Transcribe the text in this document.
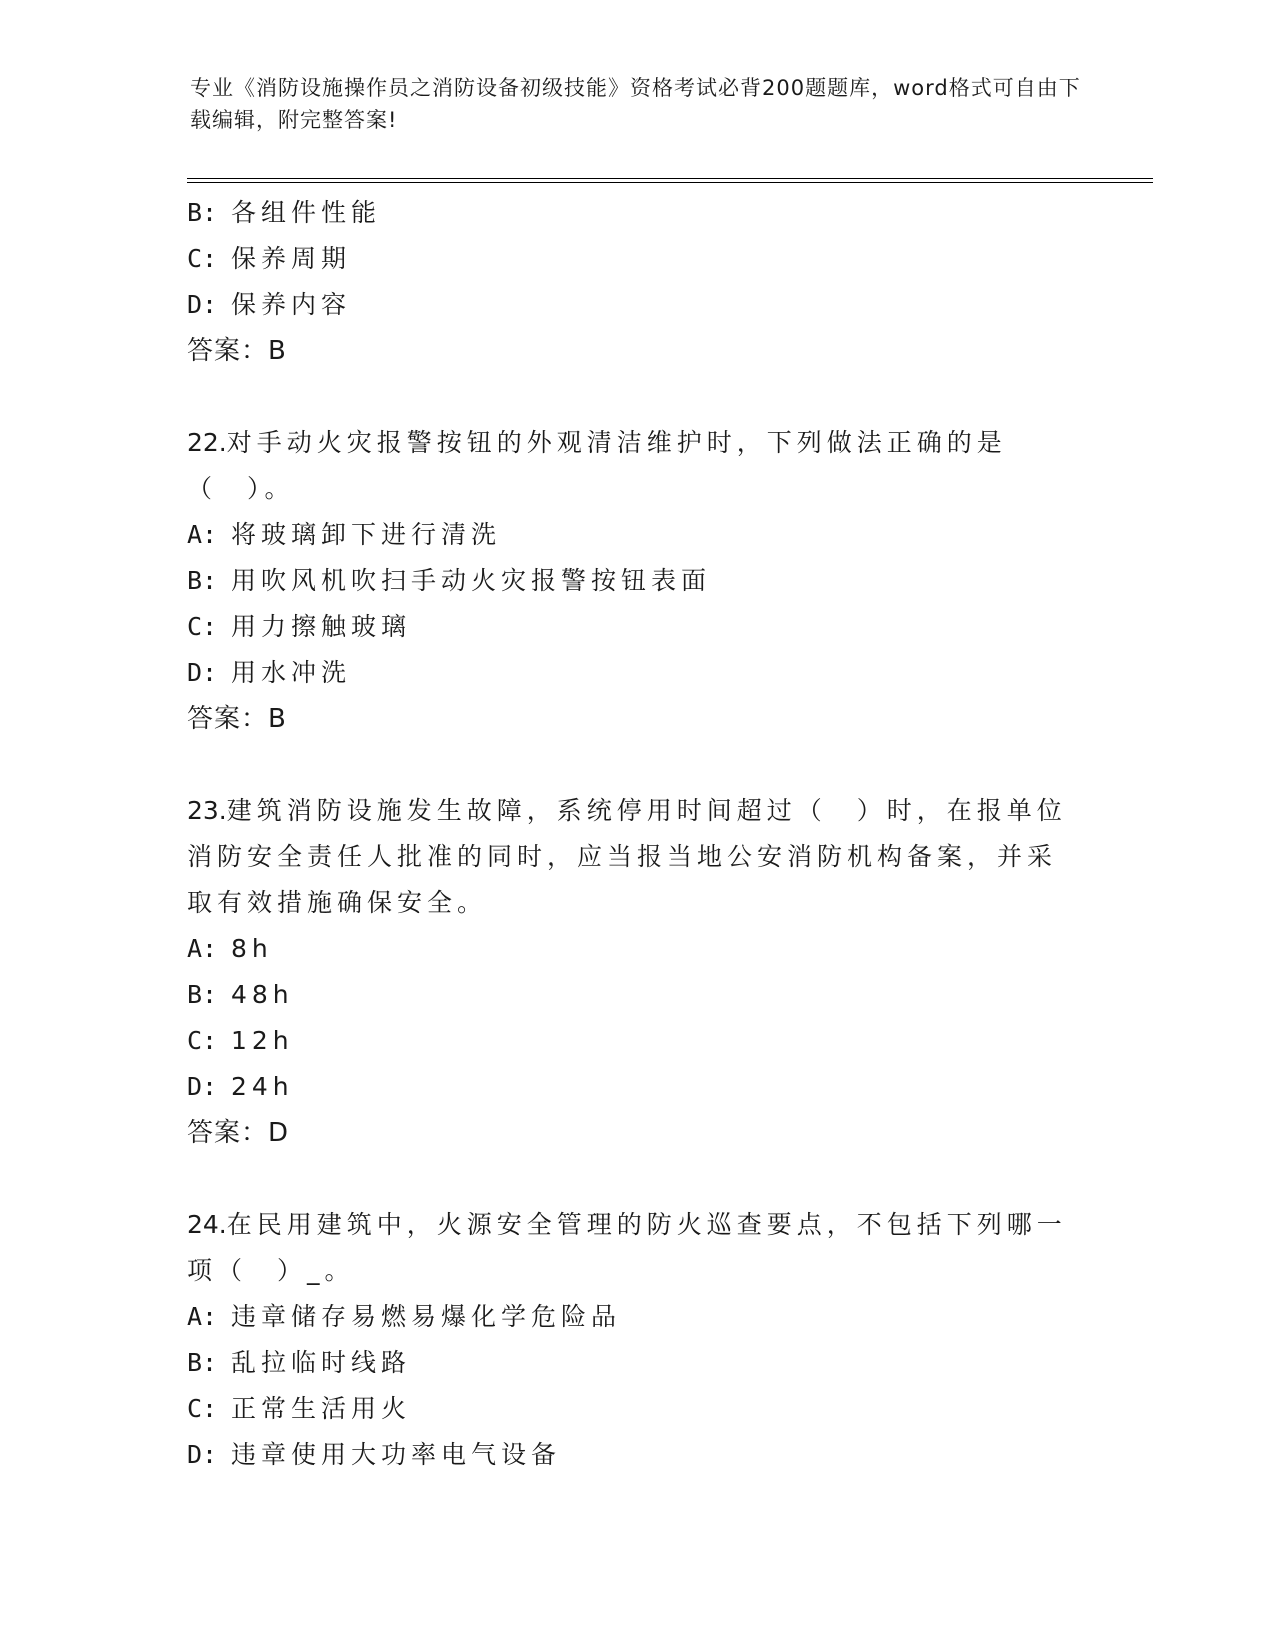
专业《消防设施操作员之消防设备初级技能》资格考试必背200题题库，word格式可自由下载编辑，附完整答案!
B: 各组件性能
C: 保养周期
D: 保养内容
答案：B
22.对手动火灾报警按钮的外观清洁维护时，下列做法正确的是（　）。
A: 将玻璃卸下进行清洗
B: 用吹风机吹扫手动火灾报警按钮表面
C: 用力擦触玻璃
D: 用水冲洗
答案：B
23.建筑消防设施发生故障，系统停用时间超过（　）时，在报单位消防安全责任人批准的同时，应当报当地公安消防机构备案，并采取有效措施确保安全。
A: 8h
B: 48h
C: 12h
D: 24h
答案：D
24.在民用建筑中，火源安全管理的防火巡查要点，不包括下列哪一项（　）_。
A: 违章储存易燃易爆化学危险品
B: 乱拉临时线路
C: 正常生活用火
D: 违章使用大功率电气设备
